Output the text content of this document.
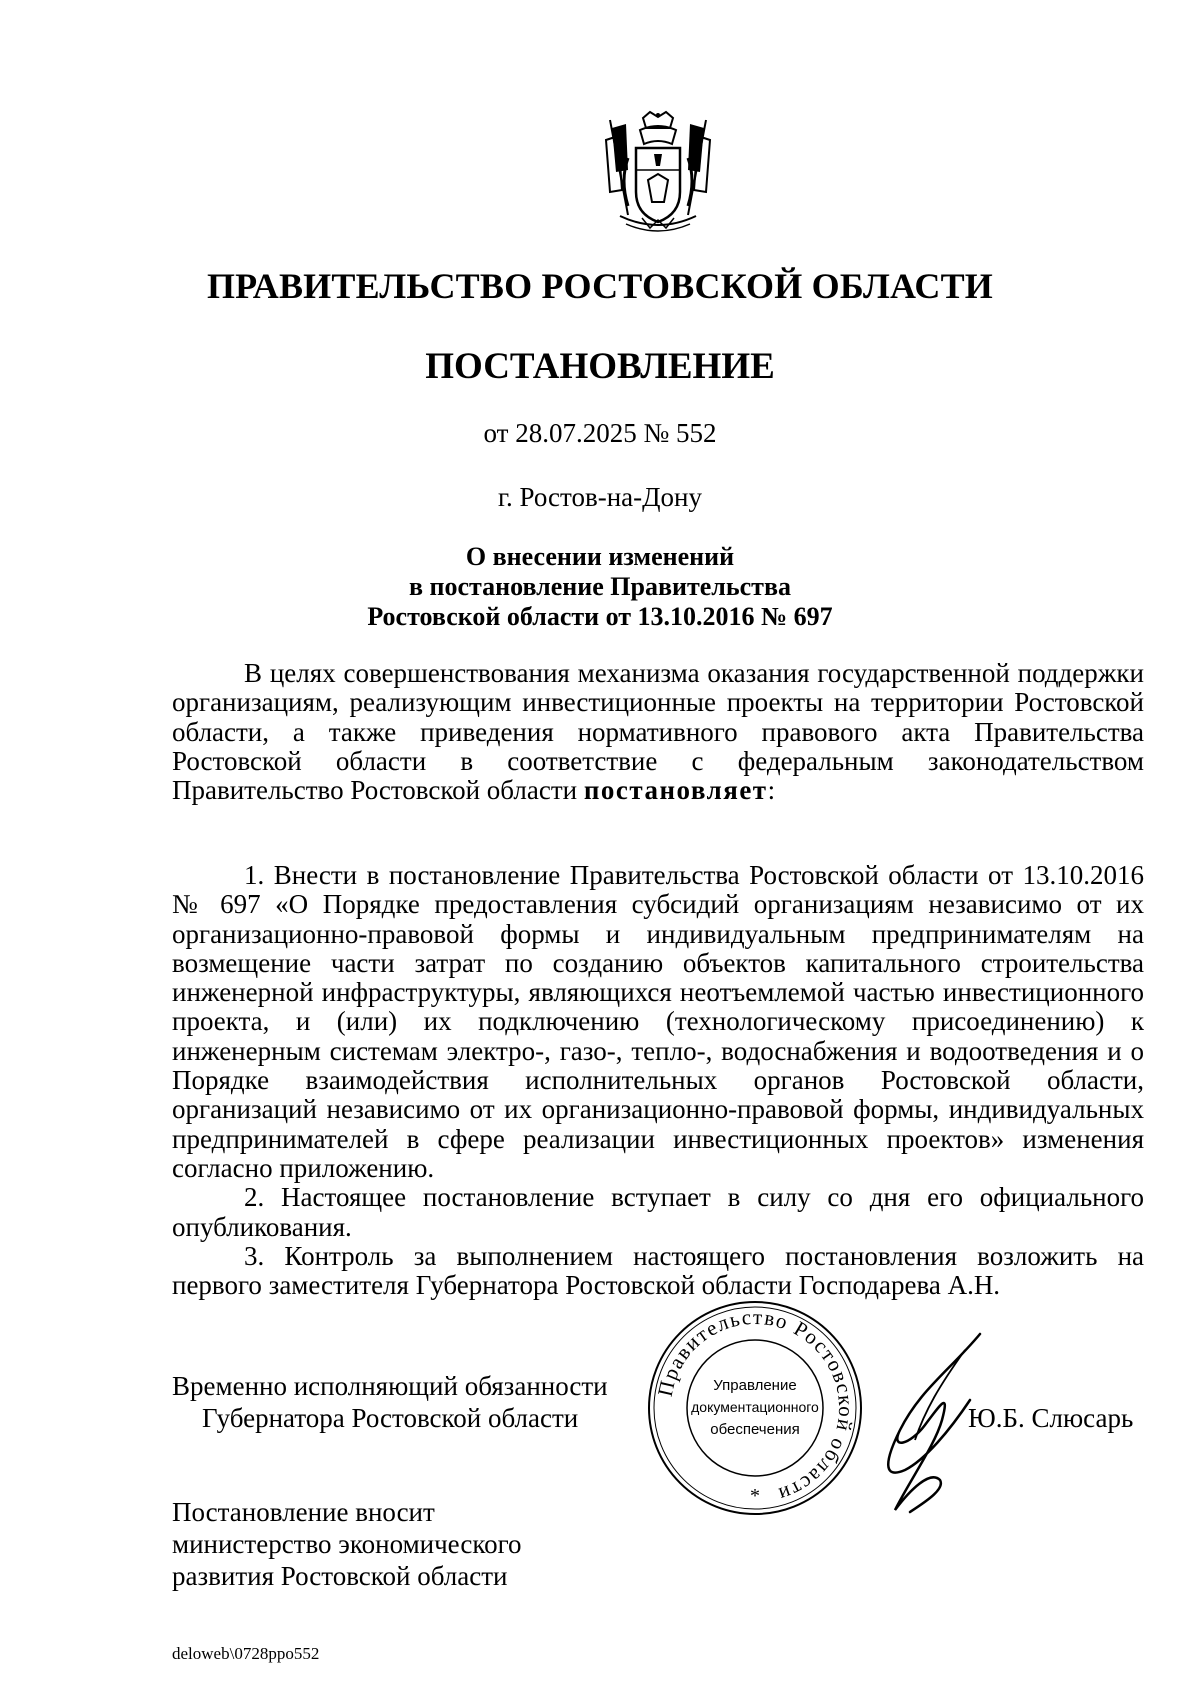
ПРАВИТЕЛЬСТВО РОСТОВСКОЙ ОБЛАСТИ
ПОСТАНОВЛЕНИЕ
от 28.07.2025 № 552
г. Ростов-на-Дону
О внесении изменений
в постановление Правительства
Ростовской области от 13.10.2016 № 697

В целях совершенствования механизма оказания государственной поддержки организациям, реализующим инвестиционные проекты на территории Ростовской области, а также приведения нормативного правового акта Правительства Ростовской области в соответствие с федеральным законодательством Правительство Ростовской области постановляет:

1. Внести в постановление Правительства Ростовской области от 13.10.2016 № 697 «О Порядке предоставления субсидий организациям независимо от их организационно-правовой формы и индивидуальным предпринимателям на возмещение части затрат по созданию объектов капитального строительства инженерной инфраструктуры, являющихся неотъемлемой частью инвестиционного проекта, и (или) их подключению (технологическому присоединению) к инженерным системам электро-, газо-, тепло-, водоснабжения и водоотведения и о Порядке взаимодействия исполнительных органов Ростовской области, организаций независимо от их организационно-правовой формы, индивидуальных предпринимателей в сфере реализации инвестиционных проектов» изменения согласно приложению.

2. Настоящее постановление вступает в силу со дня его официального опубликования.

3. Контроль за выполнением настоящего постановления возложить на первого заместителя Губернатора Ростовской области Господарева А.Н.

Временно исполняющий обязанности
Губернатора Ростовской области
Правительство Ростовской области
Управление
документационного
обеспечения
*
Ю.Б. Слюсарь
Постановление вносит
министерство экономического
развития Ростовской области
deloweb\0728ppo552
